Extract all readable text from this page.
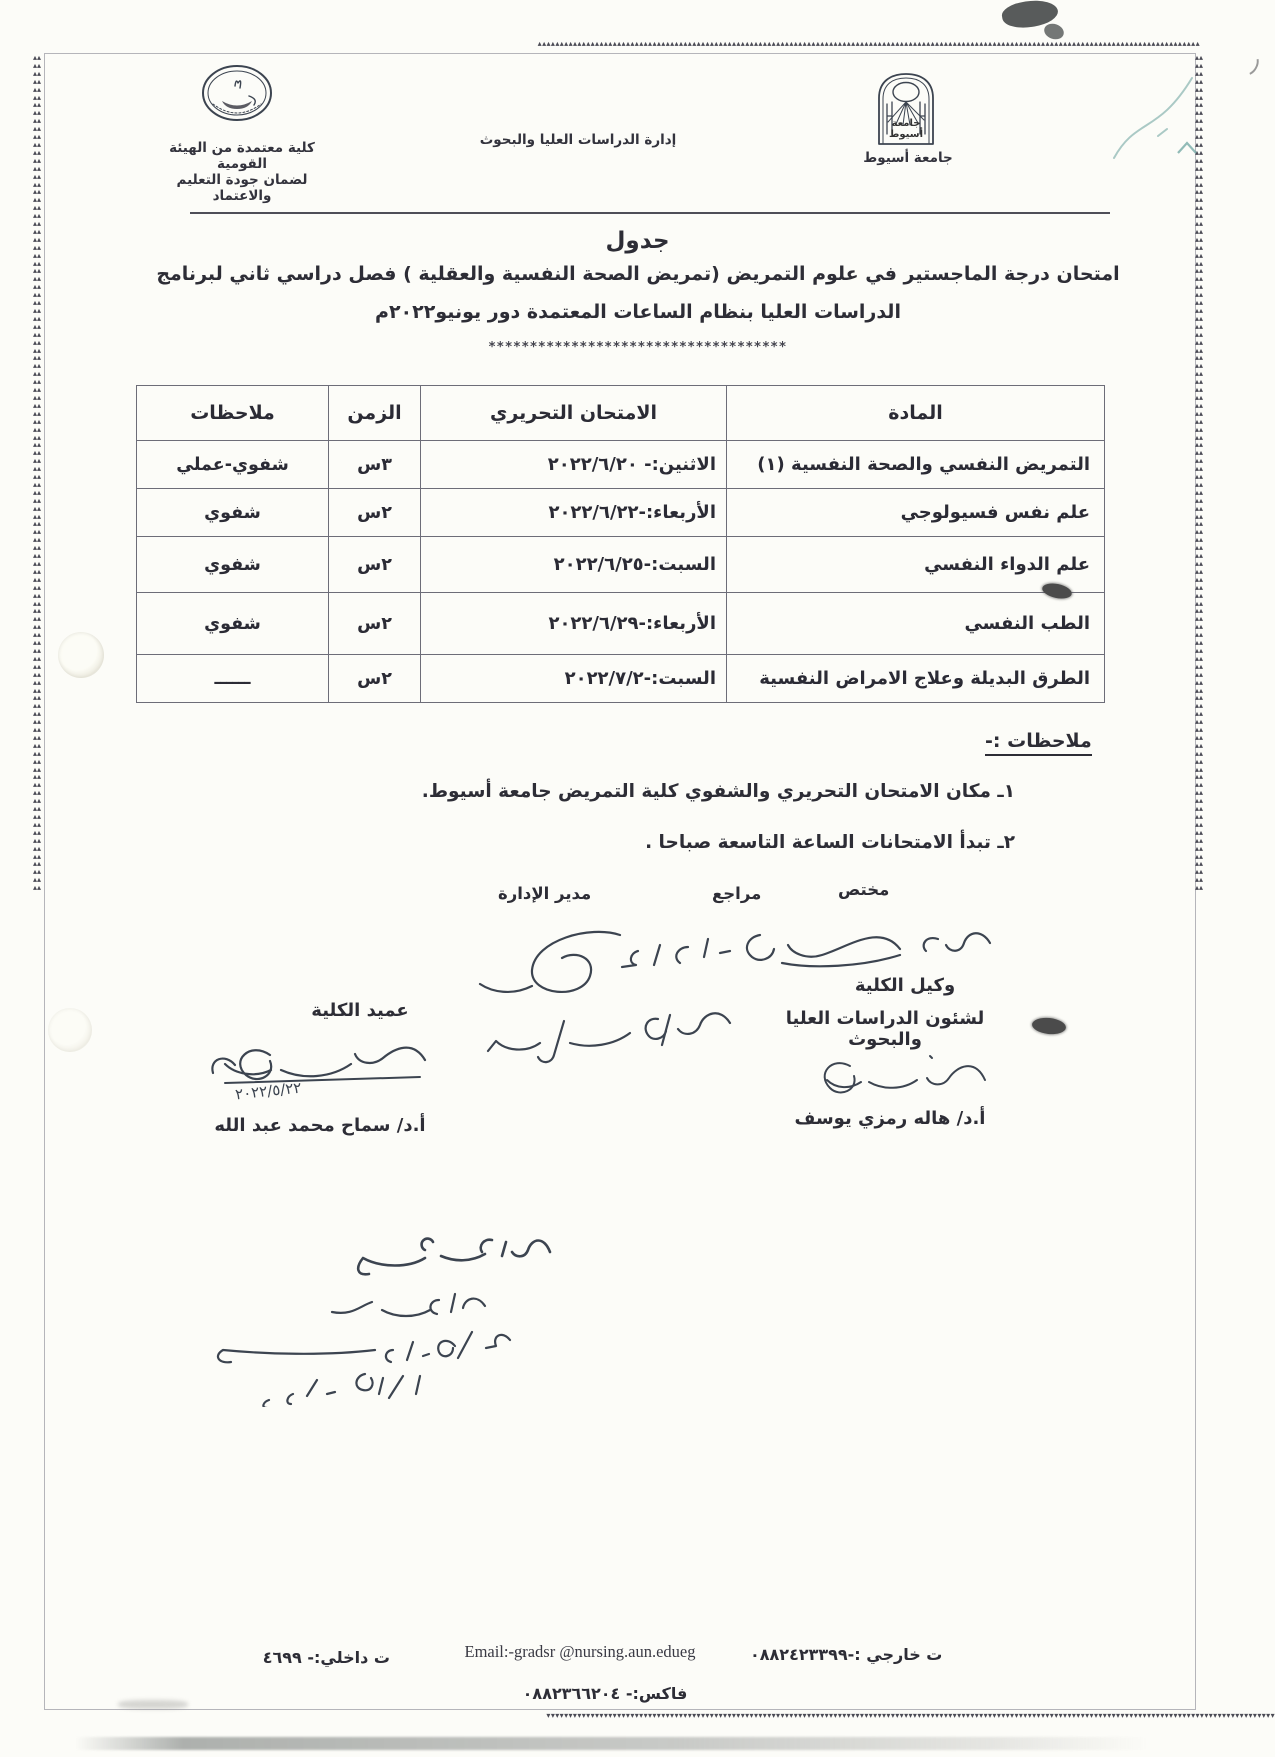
▴▴▴▴▴▴▴▴▴▴▴▴▴▴▴▴▴▴▴▴▴▴▴▴▴▴▴▴▴▴▴▴▴▴▴▴▴▴▴▴▴▴▴▴▴▴▴▴▴▴▴▴▴▴▴▴▴▴▴▴▴▴▴▴▴▴▴▴▴▴▴▴▴▴▴▴▴▴▴▴▴▴▴▴▴▴▴▴▴▴▴▴▴▴▴▴▴▴▴▴▴▴▴▴▴▴▴▴▴▴▴▴▴▴▴▴▴▴▴▴▴▴▴▴▴▴▴▴▴▴▴▴▴▴▴▴▴▴▴▴▴▴▴▴▴▴▴▴▴▴
▾▾▾▾▾▾▾▾▾▾▾▾▾▾▾▾▾▾▾▾▾▾▾▾▾▾▾▾▾▾▾▾▾▾▾▾▾▾▾▾▾▾▾▾▾▾▾▾▾▾▾▾▾▾▾▾▾▾▾▾▾▾▾▾▾▾▾▾▾▾▾▾▾▾▾▾▾▾▾▾▾▾▾▾▾▾▾▾▾▾▾▾▾▾▾▾▾▾▾▾▾▾▾▾▾▾▾▾▾▾▾▾▾▾▾▾▾▾▾▾▾▾▾▾▾▾▾▾▾▾▾▾▾▾▾▾▾▾▾▾▾▾▾▾▾▾▾▾▾▾▾▾▾▾▾▾▾▾▾▾▾▾▾▾▾
▴▴▴▴▴▴▴▴▴▴▴▴▴▴▴▴▴▴▴▴▴▴▴▴▴▴▴▴▴▴▴▴▴▴▴▴▴▴▴▴▴▴▴▴▴▴▴▴▴▴▴▴▴▴▴▴▴▴▴▴▴▴▴▴▴▴▴▴▴▴▴▴▴▴▴▴▴▴▴▴▴▴▴▴▴▴▴▴▴▴▴▴▴▴▴▴▴▴▴▴▴▴▴▴▴▴▴▴▴▴▴▴▴▴▴▴▴▴▴▴▴▴▴▴▴▴▴▴▴▴▴▴▴▴▴▴▴▴▴▴▴▴▴▴▴▴▴▴▴▴▴▴▴▴▴▴▴▴▴▴▴▴▴▴▴▴▴▴▴▴▴▴▴▴▴▴▴▴▴▴▴▴▴▴▴▴▴▴▴▴▴▴▴▴▴▴▴▴▴▴▴▴▴▴▴▴▴▴▴▴▴▴
▴▴▴▴▴▴▴▴▴▴▴▴▴▴▴▴▴▴▴▴▴▴▴▴▴▴▴▴▴▴▴▴▴▴▴▴▴▴▴▴▴▴▴▴▴▴▴▴▴▴▴▴▴▴▴▴▴▴▴▴▴▴▴▴▴▴▴▴▴▴▴▴▴▴▴▴▴▴▴▴▴▴▴▴▴▴▴▴▴▴▴▴▴▴▴▴▴▴▴▴▴▴▴▴▴▴▴▴▴▴▴▴▴▴▴▴▴▴▴▴▴▴▴▴▴▴▴▴▴▴▴▴▴▴▴▴▴▴▴▴▴▴▴▴▴▴▴▴▴▴▴▴▴▴▴▴▴▴▴▴▴▴▴▴▴▴▴▴▴▴▴▴▴▴▴▴▴▴▴▴▴▴▴▴▴▴▴▴▴▴▴▴▴▴▴▴▴▴▴▴▴▴▴▴▴▴▴▴▴▴▴▴
جامعة
أسيوط
جامعة أسيوط
إدارة الدراسات العليا والبحوث
كلية معتمدة من الهيئة القومية
لضمان جودة التعليم والاعتماد
جدول
امتحان درجة الماجستير في علوم التمريض (تمريض الصحة النفسية والعقلية ) فصل دراسي ثاني لبرنامج
الدراسات العليا بنظام الساعات المعتمدة دور يونيو٢٠٢٢م
************************************
المادة	الامتحان التحريري	الزمن	ملاحظات
التمريض النفسي والصحة النفسية (١)	الاثنين:- ٢٠٢٢/٦/٢٠	٣س	شفوي-عملي
علم نفس فسيولوجي	الأربعاء:-٢٠٢٢/٦/٢٢	٢س	شفوي
علم الدواء النفسي	السبت:-٢٠٢٢/٦/٢٥	٢س	شفوي
الطب النفسي	الأربعاء:-٢٠٢٢/٦/٢٩	٢س	شفوي
الطرق البديلة وعلاج الامراض النفسية	السبت:-٢٠٢٢/٧/٢	٢س	ــــــ
ملاحظات :-
١ـ مكان الامتحان التحريري والشفوي كلية التمريض جامعة أسيوط.
٢ـ تبدأ الامتحانات الساعة التاسعة صباحا .
مختص
مراجع
مدير الإدارة
وكيل الكلية
لشئون الدراسات العليا والبحوث
أ.د/ هاله رمزي يوسف
عميد الكلية
٢٠٢٢/٥/٢٢
أ.د/ سماح محمد عبد الله
ت خارجي :-٠٨٨٢٤٢٣٣٩٩
Email:-gradsr @nursing.aun.edueg
فاكس:- ٠٨٨٢٣٦٦٢٠٤
ت داخلي:- ٤٦٩٩
